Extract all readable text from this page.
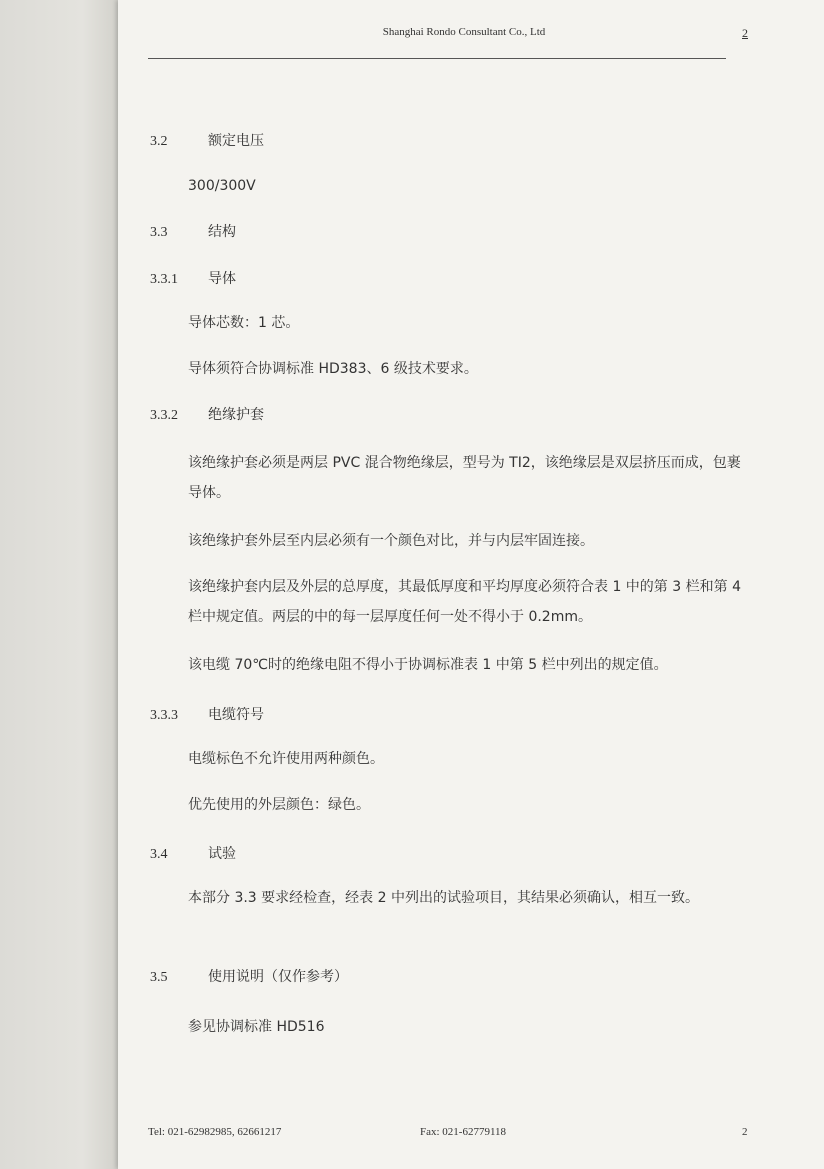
Shanghai Rondo Consultant Co., Ltd	2
3.2	额定电压
300/300V
3.3	结构
3.3.1 导体
导体芯数：1 芯。
导体须符合协调标准 HD383、6 级技术要求。
3.3.2 绝缘护套
该绝缘护套必须是两层 PVC 混合物绝缘层，型号为 TI2，该绝缘层是双层挤压而成，包裹导体。
该绝缘护套外层至内层必须有一个颜色对比，并与内层牢固连接。
该绝缘护套内层及外层的总厚度，其最低厚度和平均厚度必须符合表 1 中的第 3 栏和第 4 栏中规定值。两层的中的每一层厚度任何一处不得小于 0.2mm。
该电缆 70℃时的绝缘电阻不得小于协调标准表 1 中第 5 栏中列出的规定值。
3.3.3 电缆符号
电缆标色不允许使用两种颜色。
优先使用的外层颜色：绿色。
3.4	试验
本部分 3.3 要求经检查，经表 2 中列出的试验项目，其结果必须确认，相互一致。
3.5	使用说明（仅作参考）
参见协调标准 HD516
Tel: 021-62982985, 62661217	Fax: 021-62779118	2
